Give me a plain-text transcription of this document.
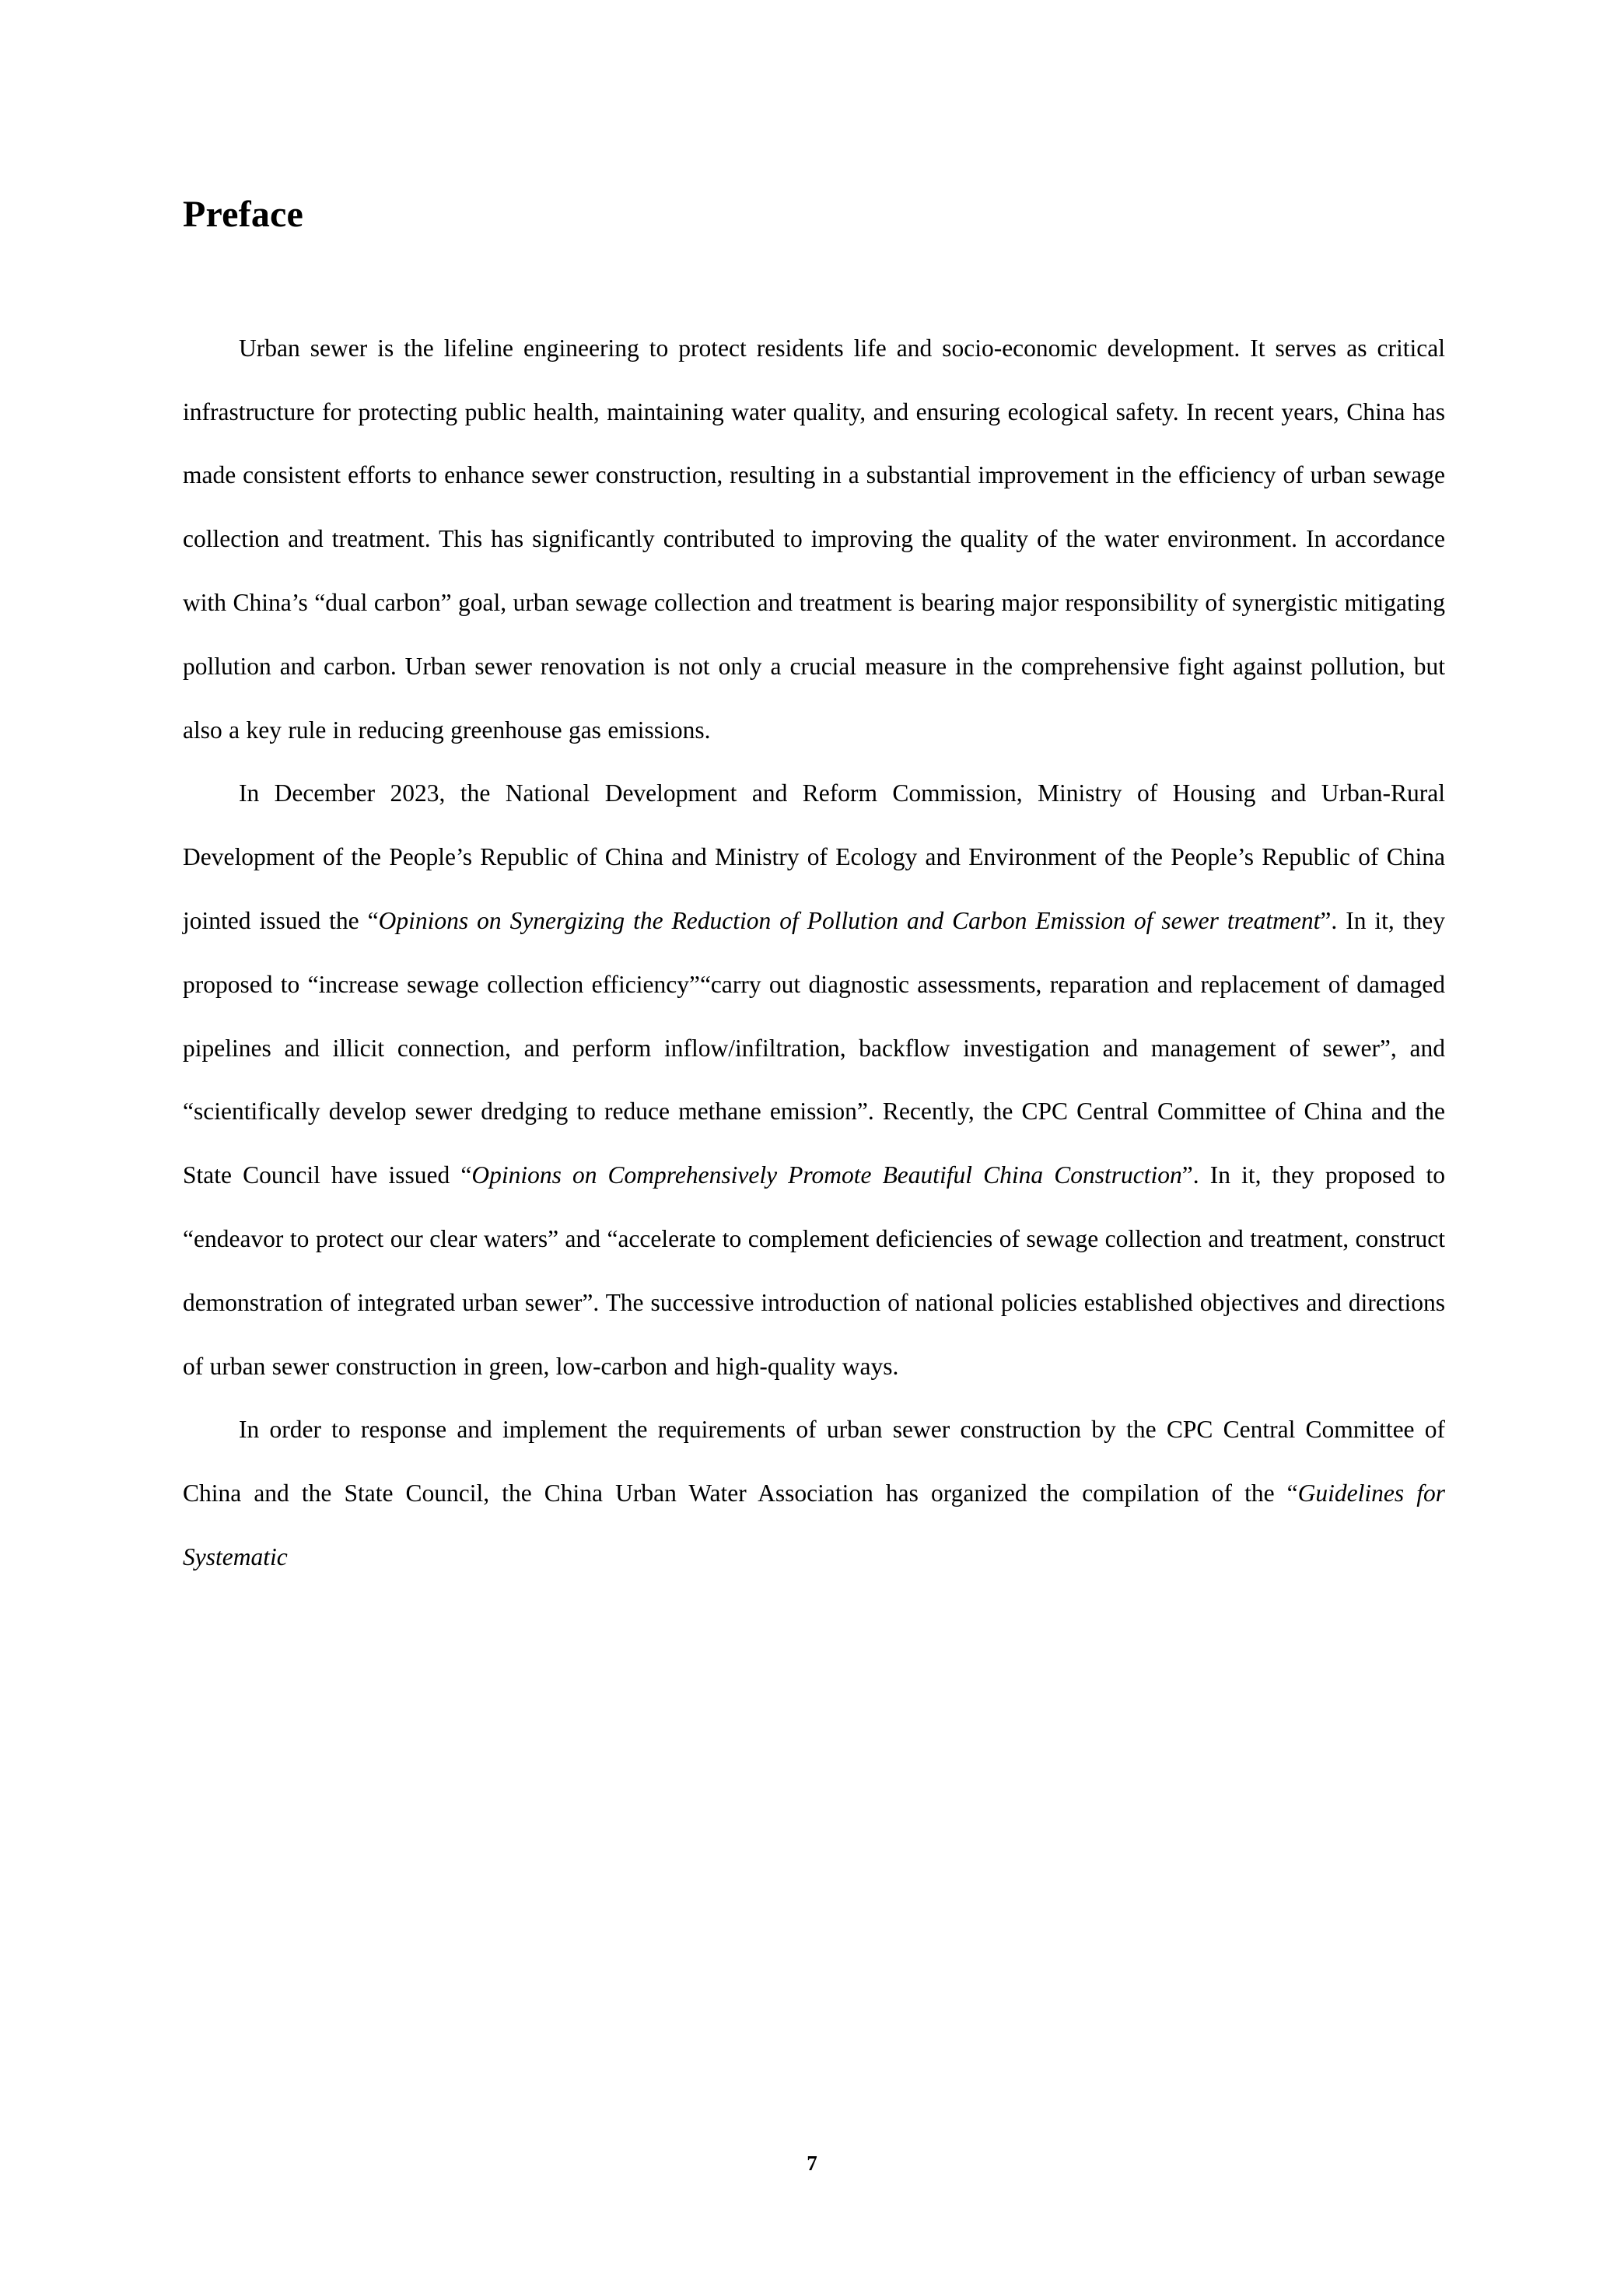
Preface

Urban sewer is the lifeline engineering to protect residents life and socio-economic development. It serves as critical infrastructure for protecting public health, maintaining water quality, and ensuring ecological safety. In recent years, China has made consistent efforts to enhance sewer construction, resulting in a substantial improvement in the efficiency of urban sewage collection and treatment. This has significantly contributed to improving the quality of the water environment. In accordance with China’s “dual carbon” goal, urban sewage collection and treatment is bearing major responsibility of synergistic mitigating pollution and carbon. Urban sewer renovation is not only a crucial measure in the comprehensive fight against pollution, but also a key rule in reducing greenhouse gas emissions.

In December 2023, the National Development and Reform Commission, Ministry of Housing and Urban-Rural Development of the People’s Republic of China and Ministry of Ecology and Environment of the People’s Republic of China jointed issued the “Opinions on Synergizing the Reduction of Pollution and Carbon Emission of sewer treatment”. In it, they proposed to “increase sewage collection efficiency”“carry out diagnostic assessments, reparation and replacement of damaged pipelines and illicit connection, and perform inflow/infiltration, backflow investigation and management of sewer”, and “scientifically develop sewer dredging to reduce methane emission”. Recently, the CPC Central Committee of China and the State Council have issued “Opinions on Comprehensively Promote Beautiful China Construction”. In it, they proposed to “endeavor to protect our clear waters” and “accelerate to complement deficiencies of sewage collection and treatment, construct demonstration of integrated urban sewer”. The successive introduction of national policies established objectives and directions of urban sewer construction in green, low-carbon and high-quality ways.

In order to response and implement the requirements of urban sewer construction by the CPC Central Committee of China and the State Council, the China Urban Water Association has organized the compilation of the “Guidelines for Systematic

7
